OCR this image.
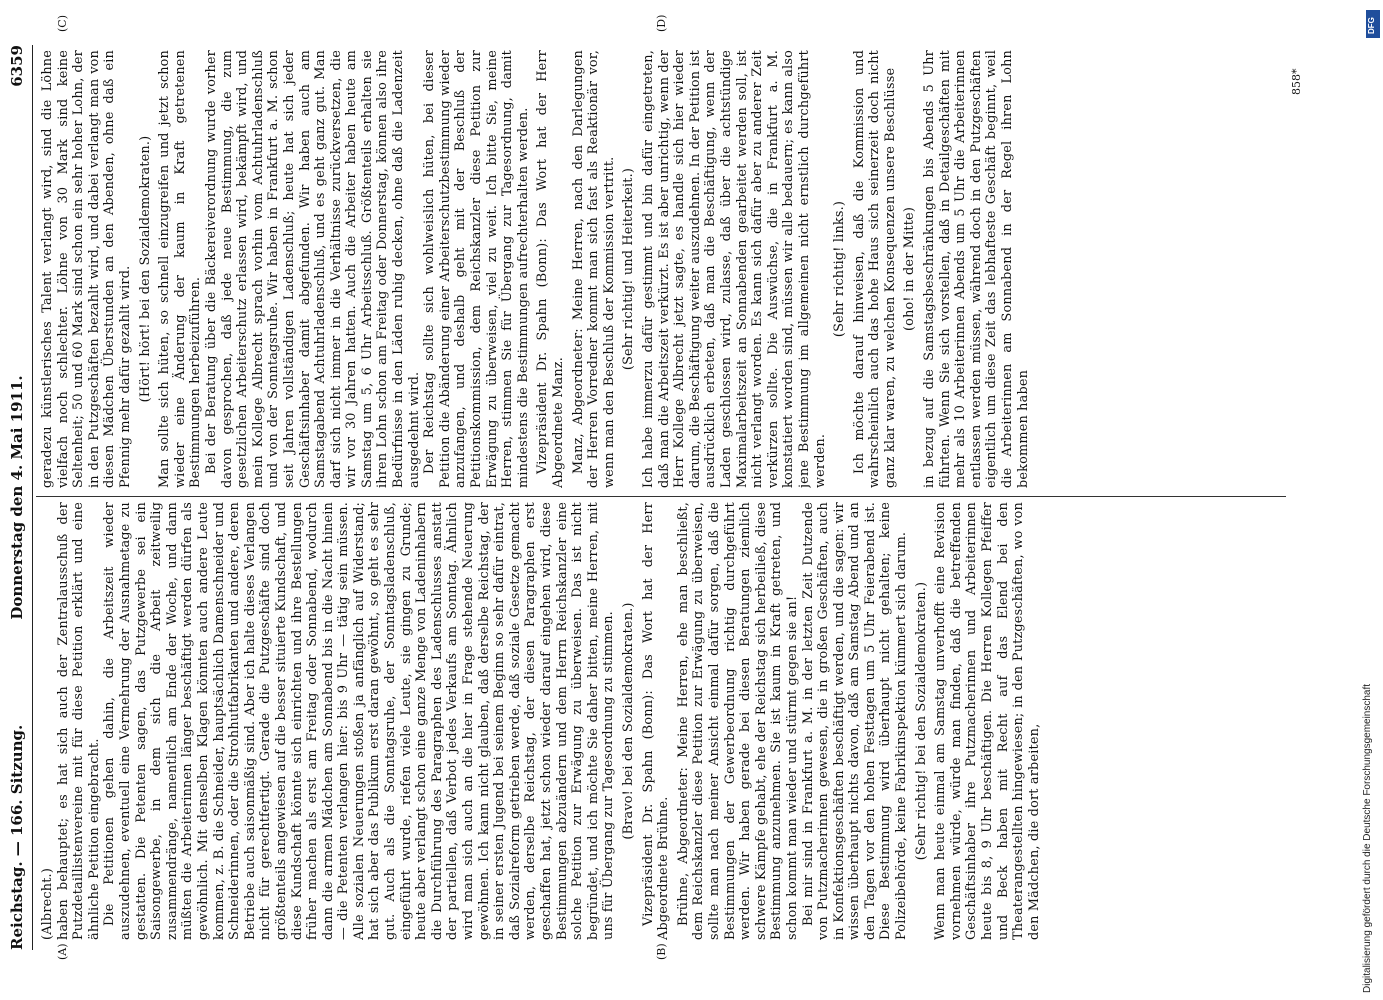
Reichstag. — 166. Sitzung.
Donnerstag den 4. Mai 1911.
6359
(A)	(B)
(C)	(D)

(Albrecht.) haben behauptet; es hat sich auch der Zentralausschuß der Putzdetaillistenvereine mit für diese Petition erklärt und eine ähnliche Petition eingebracht. Die Petitionen gehen dahin, die Arbeitszeit wieder auszudehnen, eventuell eine Vermehrung der Ausnahmetage zu gestatten. Die Petenten sagen, das Putzgewerbe sei ein Saisongewerbe, in dem sich die Arbeit zeitweilig zusammendränge, namentlich am Ende der Woche, und dann müßten die Arbeiterinnen länger beschäftigt werden dürfen als gewöhnlich. Mit denselben Klagen könnten auch andere Leute kommen, z. B. die Schneider, hauptsächlich Damenschneider und Schneiderinnen, oder die Strohhutfabrikanten und andere, deren Betriebe auch saisonmäßig sind. Aber ich halte dieses Verlangen nicht für gerechtfertigt. Gerade die Putzgeschäfte sind doch größtenteils angewiesen auf die besser situierte Kundschaft, und diese Kundschaft könnte sich einrichten und ihre Bestellungen früher machen als erst am Freitag oder Sonnabend, wodurch dann die armen Mädchen am Sonnabend bis in die Nacht hinein — die Petenten verlangen hier: bis 9 Uhr — tätig sein müssen. Alle sozialen Neuerungen stoßen ja anfänglich auf Widerstand; hat sich aber das Publikum erst daran gewöhnt, so geht es sehr gut. Auch als die Sonntagsruhe, der Sonntagsladenschluß, eingeführt wurde, riefen viele Leute, sie gingen zu Grunde; heute aber verlangt schon eine ganze Menge von Ladeninhabern die Durchführung des Paragraphen des Ladenschlusses anstatt der partiellen, daß Verbot jedes Verkaufs am Sonntag. Ähnlich wird man sich auch an die hier in Frage stehende Neuerung gewöhnen. Ich kann nicht glauben, daß derselbe Reichstag, der in seiner ersten Jugend bei seinem Beginn so sehr dafür eintrat, daß Sozialreform getrieben werde, daß soziale Gesetze gemacht werden, derselbe Reichstag, der diesen Paragraphen erst geschaffen hat, jetzt schon wieder darauf eingehen wird, diese Bestimmungen abzuändern und dem Herrn Reichskanzler eine solche Petition zur Erwägung zu überweisen. Das ist nicht begründet, und ich möchte Sie daher bitten, meine Herren, mit uns für Übergang zur Tagesordnung zu stimmen. (Bravo! bei den Sozialdemokraten.) Vizepräsident Dr. Spahn (Bonn): Das Wort hat der Herr Abgeordnete Brühne. Brühne, Abgeordneter: Meine Herren, ehe man beschließt, dem Reichskanzler diese Petition zur Erwägung zu überweisen, sollte man nach meiner Ansicht einmal dafür sorgen, daß die Bestimmungen der Gewerbeordnung richtig durchgeführt werden. Wir haben gerade bei diesen Beratungen ziemlich schwere Kämpfe gehabt, ehe der Reichstag sich herbeiließ, diese Bestimmung anzunehmen. Sie ist kaum in Kraft getreten, und schon kommt man wieder und stürmt gegen sie an! Bei mir sind in Frankfurt a. M. in der letzten Zeit Dutzende von Putzmacherinnen gewesen, die in großen Geschäften, auch in Konfektionsgeschäften beschäftigt werden, und die sagen: wir wissen überhaupt nichts davon, daß am Samstag Abend und an den Tagen vor den hohen Festtagen um 5 Uhr Feierabend ist. Diese Bestimmung wird überhaupt nicht gehalten; keine Polizeibehörde, keine Fabrikinspektion kümmert sich darum. (Sehr richtig! bei den Sozialdemokraten.) Wenn man heute einmal am Samstag unverhofft eine Revision vornehmen würde, würde man finden, daß die betreffenden Geschäftsinhaber ihre Putzmacherinnen und Arbeiterinnen heute bis 8, 9 Uhr beschäftigen. Die Herren Kollegen Pfeiffer und Beck haben mit Recht auf das Elend bei den Theaterangestellten hingewiesen; in den Putzgeschäften, wo von den Mädchen, die dort arbeiten,

geradezu künstlerisches Talent verlangt wird, sind die Löhne vielfach noch schlechter. Löhne von 30 Mark sind keine Seltenheit; 50 und 60 Mark sind schon ein sehr hoher Lohn, der in den Putzgeschäften bezahlt wird, und dabei verlangt man von diesen Mädchen Überstunden an den Abenden, ohne daß ein Pfennig mehr dafür gezahlt wird. (Hört! hört! bei den Sozialdemokraten.) Man sollte sich hüten, so schnell einzugreifen und jetzt schon wieder eine Änderung der kaum in Kraft getretenen Bestimmungen herbeizuführen. Bei der Beratung über die Bäckereiverordnung wurde vorher davon gesprochen, daß jede neue Bestimmung, die zum gesetzlichen Arbeiterschutz erlassen wird, bekämpft wird, und mein Kollege Albrecht sprach vorhin vom Achtuhrladenschluß und von der Sonntagsruhe. Wir haben in Frankfurt a. M. schon seit Jahren vollständigen Ladenschluß; heute hat sich jeder Geschäftsinhaber damit abgefunden. Wir haben auch am Samstagabend Achtuhrladenschluß, und es geht ganz gut. Man darf sich nicht immer in die Verhältnisse zurückversetzen, die wir vor 30 Jahren hatten. Auch die Arbeiter haben heute am Samstag um 5, 6 Uhr Arbeitsschluß. Größtenteils erhalten sie ihren Lohn schon am Freitag oder Donnerstag, können also ihre Bedürfnisse in den Läden ruhig decken, ohne daß die Ladenzeit ausgedehnt wird. Der Reichstag sollte sich wohlweislich hüten, bei dieser Petition die Abänderung einer Arbeiterschutzbestimmung wieder anzufangen, und deshalb geht mit der Beschluß der Petitionskommission, dem Reichskanzler diese Petition zur Erwägung zu überweisen, viel zu weit. Ich bitte Sie, meine Herren, stimmen Sie für Übergang zur Tagesordnung, damit mindestens die Bestimmungen aufrechterhalten werden. Vizepräsident Dr. Spahn (Bonn): Das Wort hat der Herr Abgeordnete Manz. Manz, Abgeordneter: Meine Herren, nach den Darlegungen der Herren Vorredner kommt man sich fast als Reaktionär vor, wenn man den Beschluß der Kommission vertritt. (Sehr richtig! und Heiterkeit.) Ich habe immerzu dafür gestimmt und bin dafür eingetreten, daß man die Arbeitszeit verkürzt. Es ist aber unrichtig, wenn der Herr Kollege Albrecht jetzt sagte, es handle sich hier wieder darum, die Beschäftigung weiter auszudehnen. In der Petition ist ausdrücklich erbeten, daß man die Beschäftigung, wenn der Laden geschlossen wird, zulasse, daß über die achtstündige Maximalarbeitszeit an Sonnabenden gearbeitet werden soll, ist nicht verlangt worden. Es kann sich dafür aber zu anderer Zeit verkürzen sollte. Die Auswüchse, die in Frankfurt a. M. konstatiert worden sind, müssen wir alle bedauern; es kann also jene Bestimmung im allgemeinen nicht ernstlich durchgeführt werden.

(Sehr richtig! links.) Ich möchte darauf hinweisen, daß die Kommission und wahrscheinlich auch das hohe Haus sich seinerzeit doch nicht ganz klar waren, zu welchen Konsequenzen unsere Beschlüsse (oho! in der Mitte) in bezug auf die Samstagsbeschränkungen bis Abends 5 Uhr führten. Wenn Sie sich vorstellen, daß in Detailgeschäften mit mehr als 10 Arbeiterinnen Abends um 5 Uhr die Arbeiterinnen entlassen werden müssen, während doch in den Putzgeschäften eigentlich um diese Zeit das lebhafteste Geschäft beginnt, weil die Arbeiterinnen am Sonnabend in der Regel ihren Lohn bekommen haben

858*
Digitalisierung gefördert durch die Deutsche Forschungsgemeinschaft
DFG
